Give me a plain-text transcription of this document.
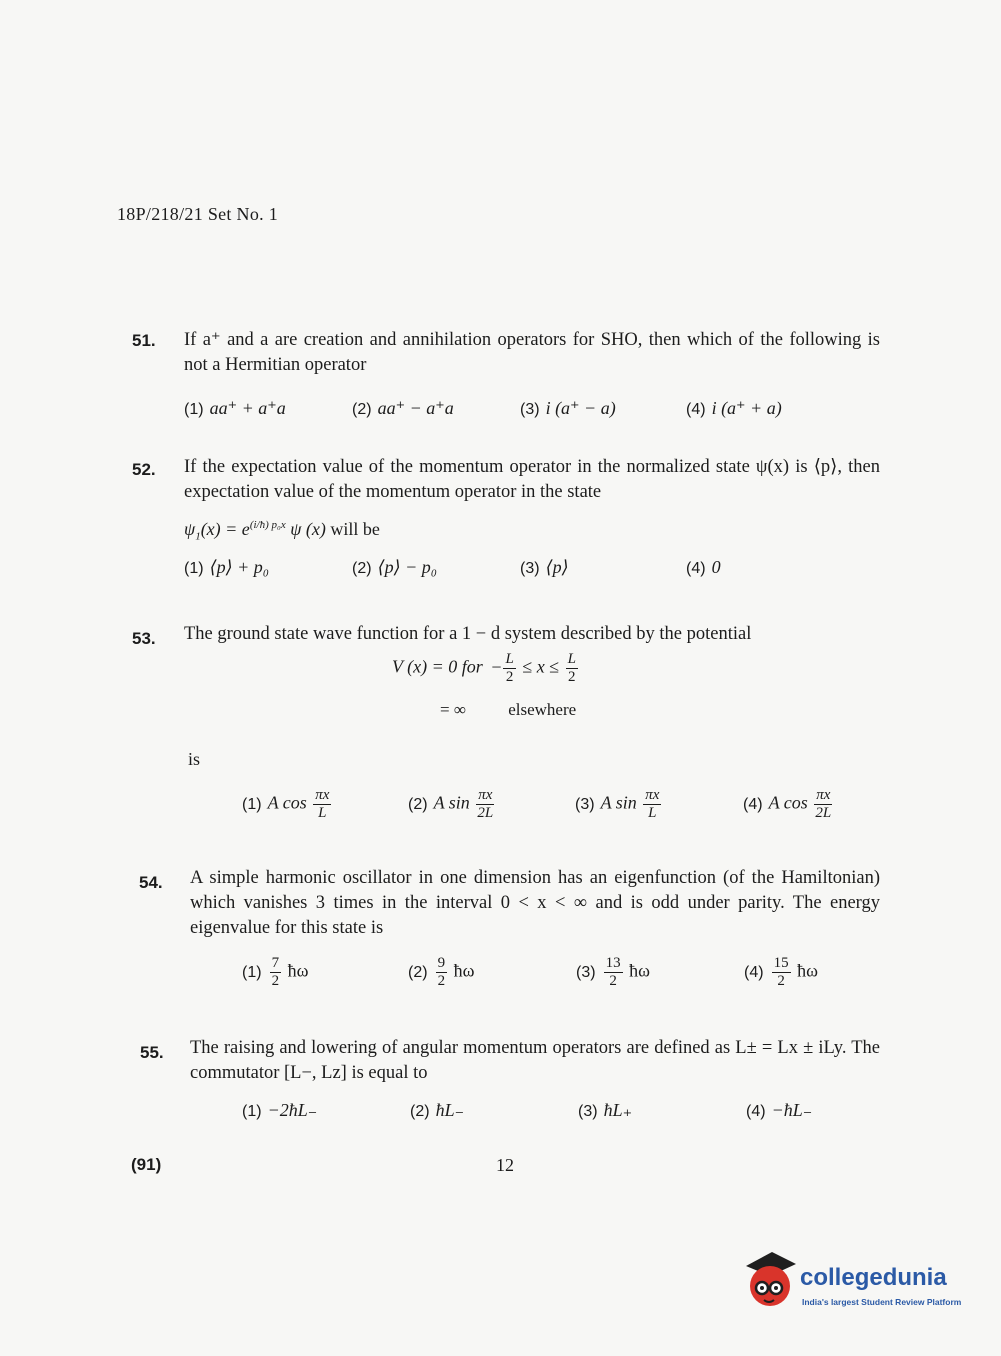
18P/218/21 Set No. 1
51. If a⁺ and a are creation and annihilation operators for SHO, then which of the following is not a Hermitian operator
(1) aa⁺ + a⁺a	(2) aa⁺ − a⁺a	(3) i (a⁺ − a)	(4) i (a⁺ + a)
52. If the expectation value of the momentum operator in the normalized state ψ(x) is ⟨p⟩, then expectation value of the momentum operator in the state
$\psi_1(x) = e^{(i/ħ) p_0x}$ ψ (x) will be
(1) ⟨p⟩ + p₀	(2) ⟨p⟩ − p₀	(3) ⟨p⟩	(4) 0
53. The ground state wave function for a 1 − d system described by the potential
V (x) = 0 for − $\frac{L}{2} \le x \le \frac{L}{2}$
= ∞ elsewhere
is
(1) A $\cos \frac{\pi x}{L}$	(2) A $\sin \frac{\pi x}{2L}$	(3) A $\sin \frac{\pi x}{L}$	(4) A $\cos \frac{\pi x}{2L}$
54. A simple harmonic oscillator in one dimension has an eigenfunction (of the Hamiltonian) which vanishes 3 times in the interval 0 < x < ∞ and is odd under parity. The energy eigenvalue for this state is
$(1) \frac{7}{2}$ ħω	$(2) \frac{9}{2}$ ħω	$(3) \frac{13}{2}$ ħω	$(4) \frac{15}{2}$ ħω
55. The raising and lowering of angular momentum operators are defined as L± = Lx ± iLy. The commutator [L−, Lz] is equal to
(1) −2ħL₋	(2) ħL₋	(3) ħL₊	(4) −ħL₋
(91)	12
collegedunia
India's largest Student Review Platform
